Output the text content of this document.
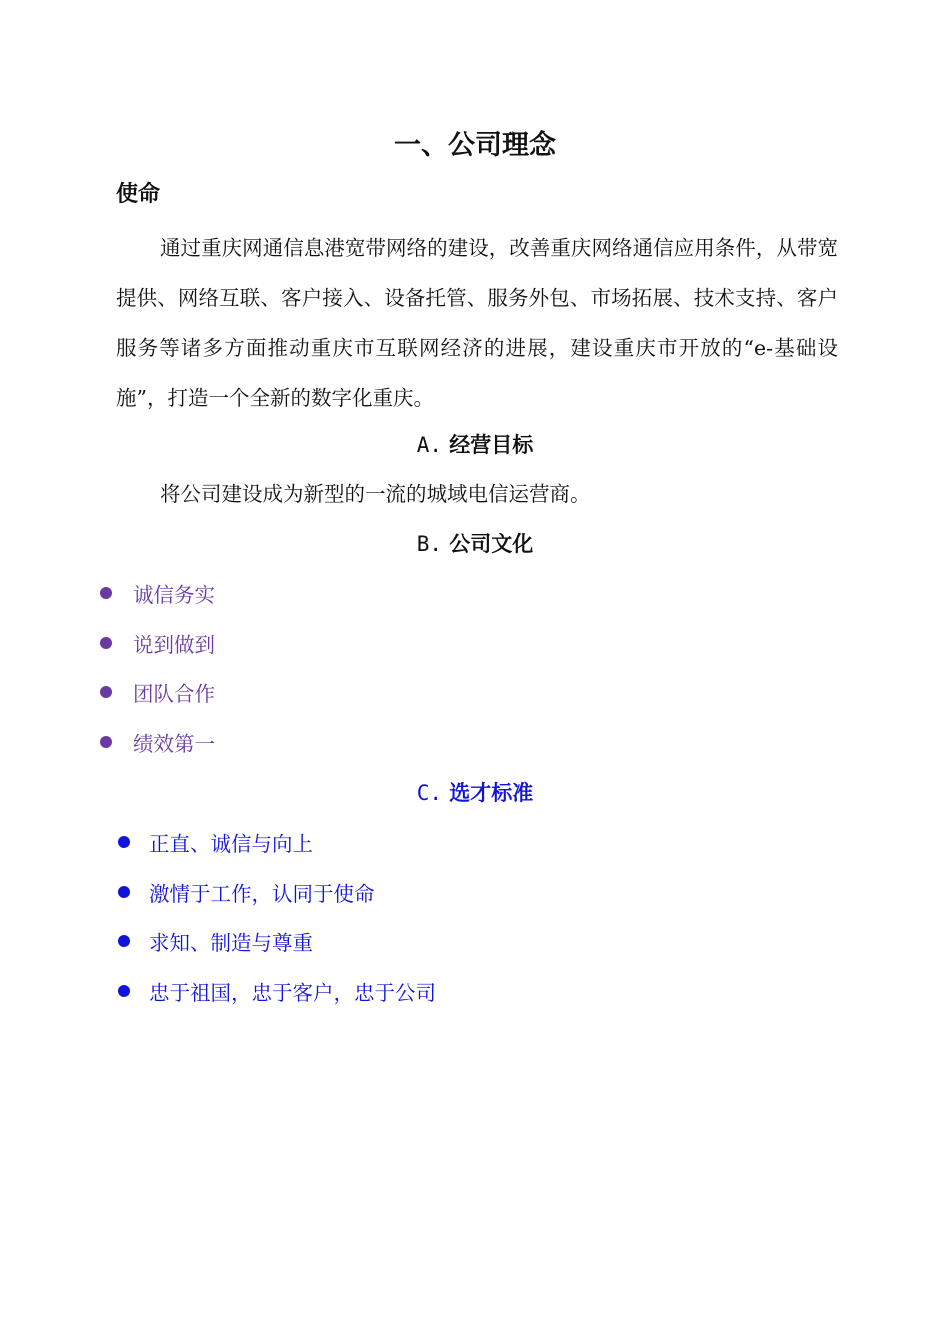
一、公司理念
使命

通过重庆网通信息港宽带网络的建设，改善重庆网络通信应用条件，从带宽提供、网络互联、客户接入、设备托管、服务外包、市场拓展、技术支持、客户服务等诸多方面推动重庆市互联网经济的进展，建设重庆市开放的“e-基础设施”，打造一个全新的数字化重庆。

A. 经营目标

将公司建设成为新型的一流的城域电信运营商。

B. 公司文化
诚信务实
说到做到
团队合作
绩效第一
C. 选才标准
正直、诚信与向上
激情于工作，认同于使命
求知、制造与尊重
忠于祖国，忠于客户，忠于公司
